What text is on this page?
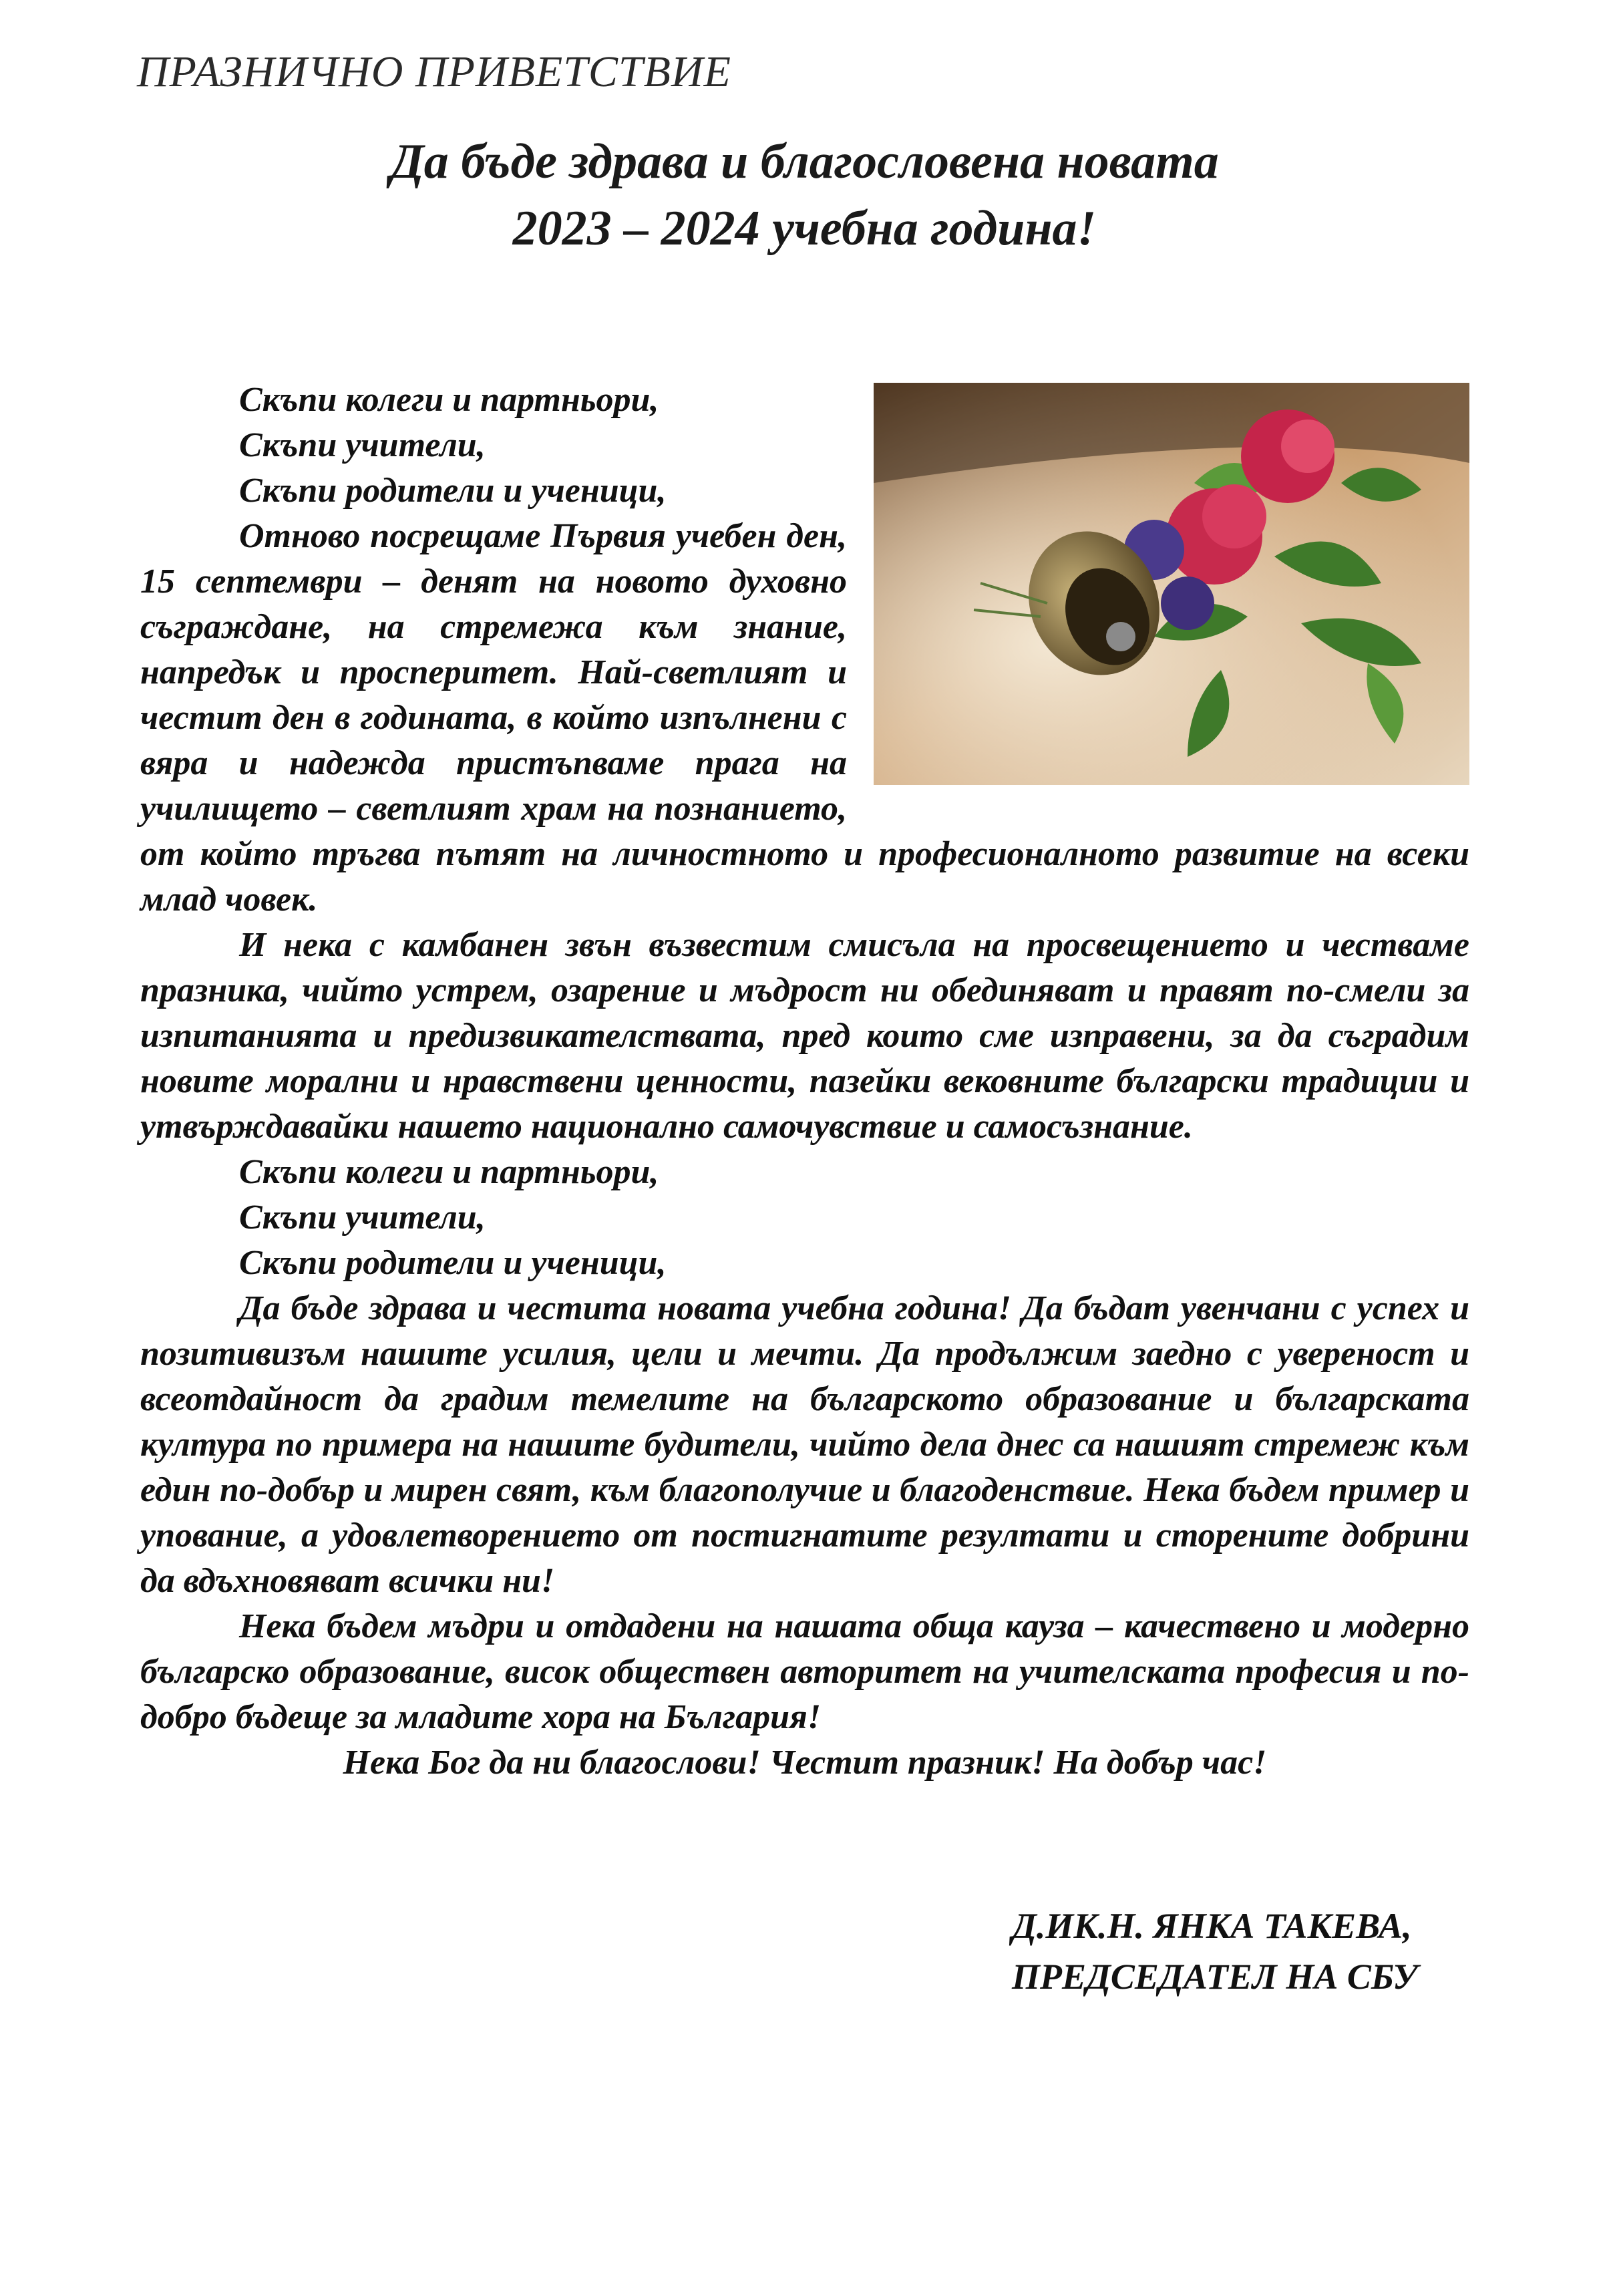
ПРАЗНИЧНО ПРИВЕТСТВИЕ
Да бъде здрава и благословена новата
2023 – 2024 учебна година!

Скъпи колеги и партньори,

Скъпи учители,

Скъпи родители и ученици,

Отново посрещаме Първия учебен ден, 15 септември – денят на новото духовно съграждане, на стремежа към знание, напредък и просперитет. Най-светлият и честит ден в годината, в който изпълнени с вяра и надежда пристъпваме прага на училището – светлият храм на познанието, от който тръгва пътят на личностното и професионалното развитие на всеки млад човек.

И нека с камбанен звън възвестим смисъла на просвещението и честваме празника, чийто устрем, озарение и мъдрост ни обединяват и правят по-смели за изпитанията и предизвикателствата, пред които сме изправени, за да съградим новите морални и нравствени ценности, пазейки вековните български традиции и утвърждавайки нашето национално самочувствие и самосъзнание.

Скъпи колеги и партньори,

Скъпи учители,

Скъпи родители и ученици,

Да бъде здрава и честита новата учебна година! Да бъдат увенчани с успех и позитивизъм нашите усилия, цели и мечти. Да продължим заедно с увереност и всеотдайност да градим темелите на българското образование и българската култура по примера на нашите будители, чийто дела днес са нашият стремеж към един по-добър и мирен свят, към благополучие и благоденствие. Нека бъдем пример и упование, а удовлетворението от постигнатите резултати и сторените добрини да вдъхновяват всички ни!

Нека бъдем мъдри и отдадени на нашата обща кауза – качествено и модерно българско образование, висок обществен авторитет на учителската професия и по-добро бъдеще за младите хора на България!

Нека Бог да ни благослови! Честит празник! На добър час!

Д.ИК.Н. ЯНКА ТАКЕВА,
ПРЕДСЕДАТЕЛ НА СБУ
